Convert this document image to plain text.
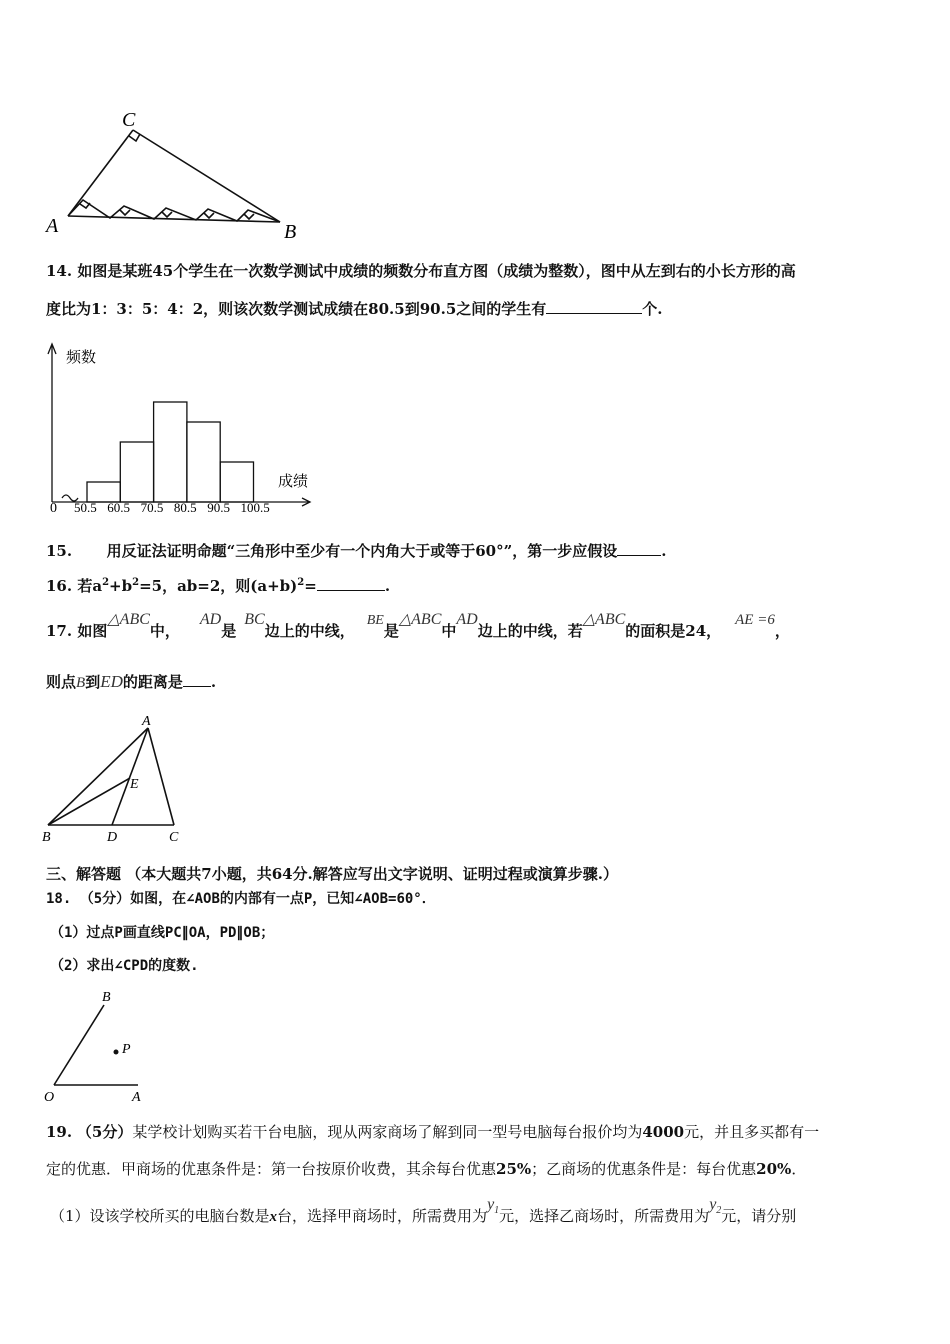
C
A	B
14. 如图是某班45个学生在一次数学测试中成绩的频数分布直方图（成绩为整数），图中从左到右的小长方形的高
度比为1：3：5：4：2，则该次数学测试成绩在80.5到90.5之间的学生有	个.
50.5 60.5 70.5 80.5 90.5 100.5
频数
成绩
0
15. 用反证法证明命题“三角形中至少有一个内角大于或等于60°”，第一步应假设	.
16. 若$a^2+b^2=5$，ab=2，则$(a+b)^2=$	.
17. 如图△ABC中，AD是BC边上的中线，BE是△ABC中AD边上的中线，若△ABC的面积是24，AE =6，
则点B到ED的距离是 .
A
E
B	D	C
三、解答题 （本大题共7小题，共64分.解答应写出文字说明、证明过程或演算步骤.）
18. （5分）如图，在∠AOB的内部有一点P，已知∠AOB=60°．
（1）过点P画直线PC∥OA，PD∥OB；
（2）求出∠CPD的度数.
B
P
O	A
19. （5分）某学校计划购买若干台电脑，现从两家商场了解到同一型号电脑每台报价均为4000元，并且多买都有一
定的优惠．甲商场的优惠条件是：第一台按原价收费，其余每台优惠25%；乙商场的优惠条件是：每台优惠20%．
（1）设该学校所买的电脑台数是x台，选择甲商场时，所需费用为$y_1$元，选择乙商场时，所需费用为$y_2$元，请分别
